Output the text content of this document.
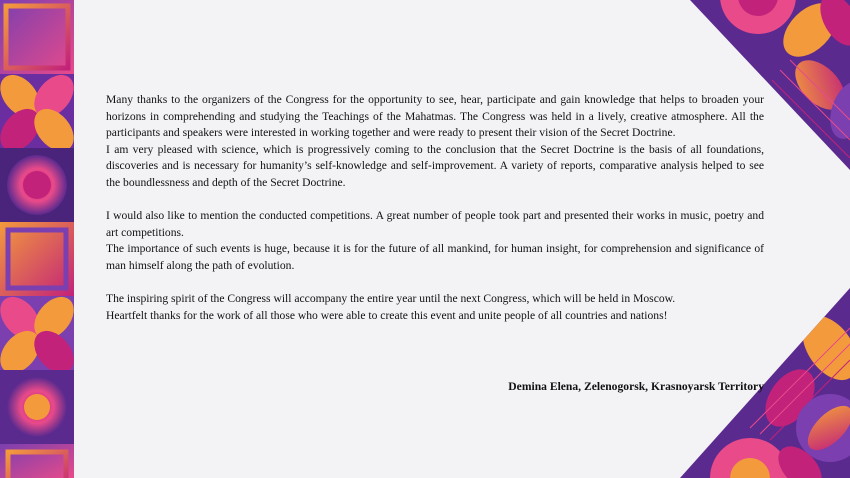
Many thanks to the organizers of the Congress for the opportunity to see, hear, participate and gain knowledge that helps to broaden your horizons in comprehending and studying the Teachings of the Mahatmas. The Congress was held in a lively, creative atmosphere. All the participants and speakers were interested in working together and were ready to present their vision of the Secret Doctrine.

I am very pleased with science, which is progressively coming to the conclusion that the Secret Doctrine is the basis of all foundations, discoveries and is necessary for humanity’s self-knowledge and self-improvement. A variety of reports, comparative analysis helped to see the boundlessness and depth of the Secret Doctrine.

I would also like to mention the conducted competitions. A great number of people took part and presented their works in music, poetry and art competitions.

The importance of such events is huge, because it is for the future of all mankind, for human insight, for comprehension and significance of man himself along the path of evolution.

The inspiring spirit of the Congress will accompany the entire year until the next Congress, which will be held in Moscow.

Heartfelt thanks for the work of all those who were able to create this event and unite people of all countries and nations!

Demina Elena, Zelenogorsk, Krasnoyarsk Territory
